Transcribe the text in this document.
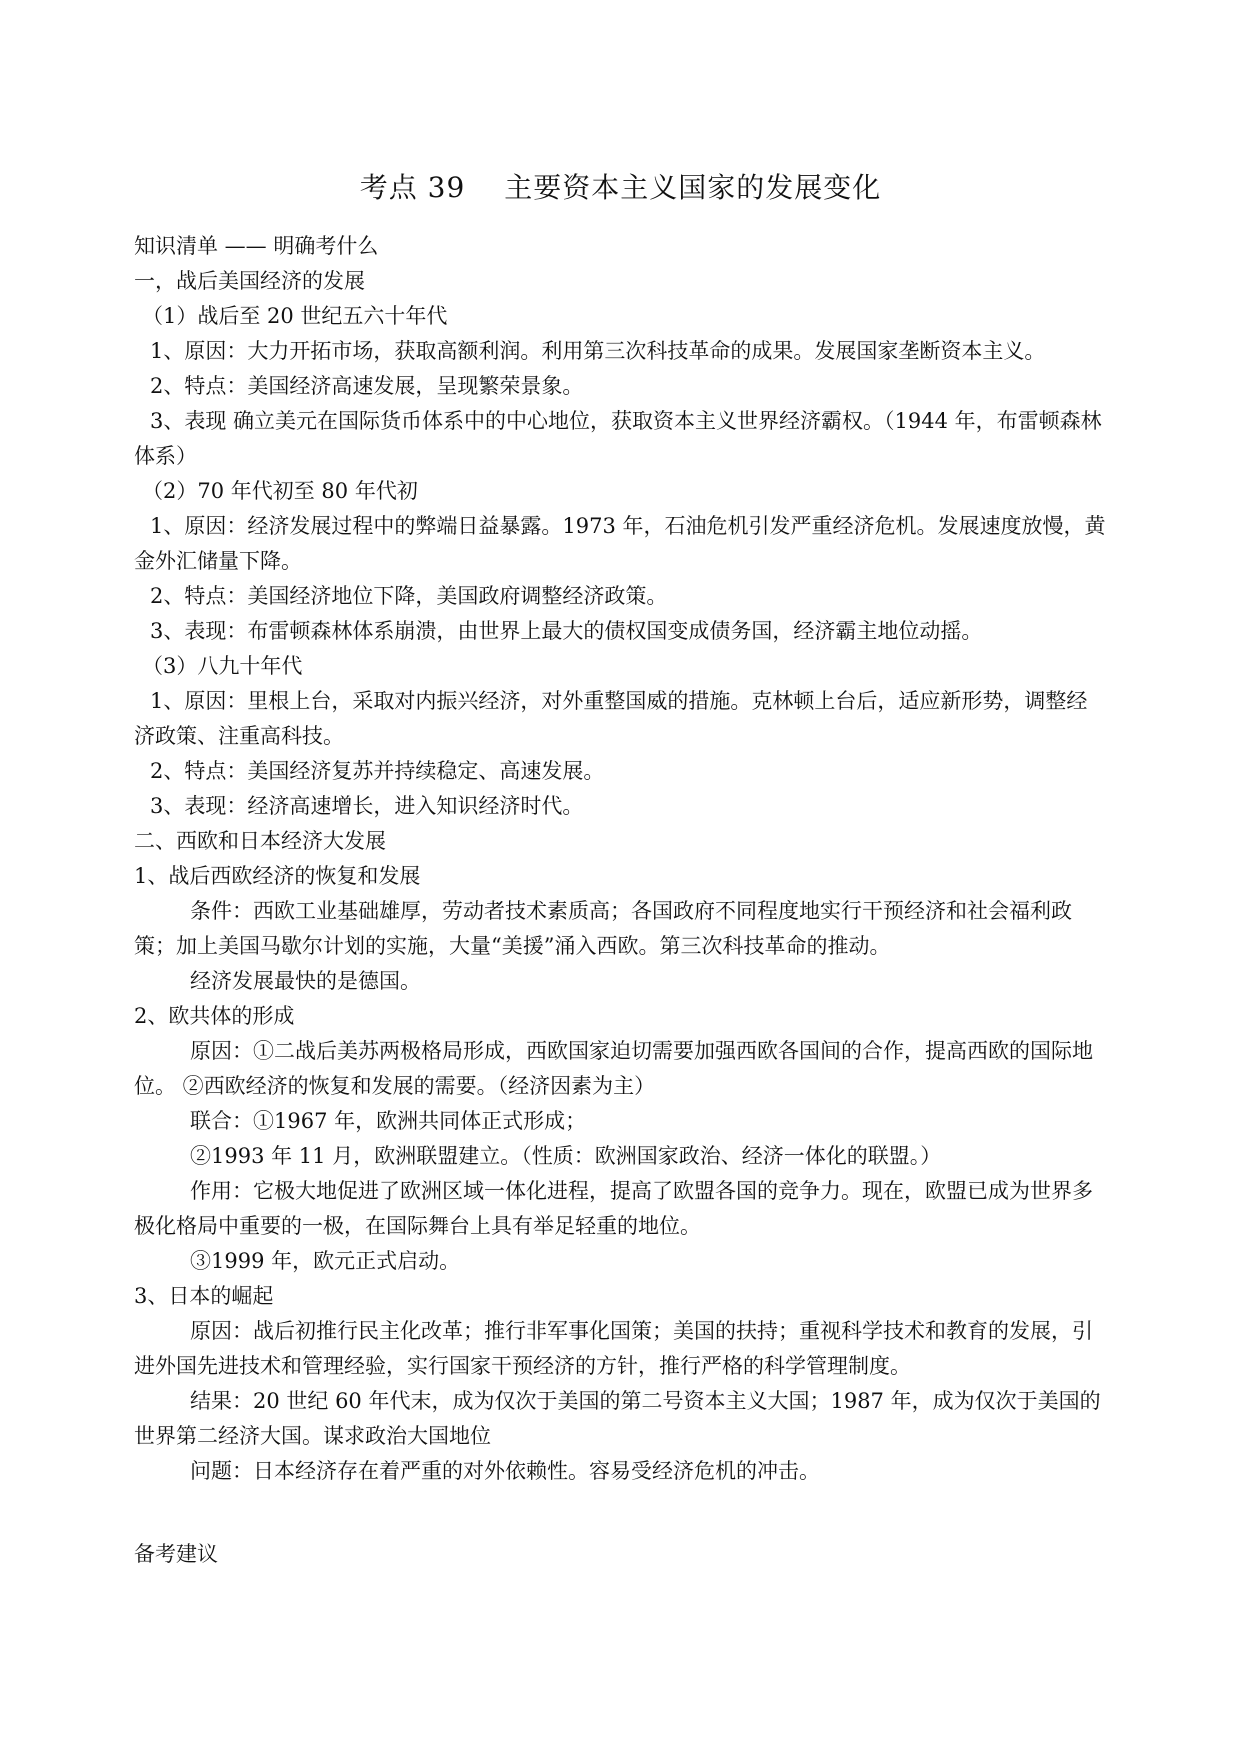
考点 39　 主要资本主义国家的发展变化

知识清单 —— 明确考什么

一，战后美国经济的发展

（1）战后至 20 世纪五六十年代

1、原因：大力开拓市场，获取高额利润。利用第三次科技革命的成果。发展国家垄断资本主义。

2、特点：美国经济高速发展，呈现繁荣景象。

3、表现 确立美元在国际货币体系中的中心地位，获取资本主义世界经济霸权。（1944 年，布雷顿森林体系）

（2）70 年代初至 80 年代初

1、原因：经济发展过程中的弊端日益暴露。1973 年，石油危机引发严重经济危机。发展速度放慢，黄金外汇储量下降。

2、特点：美国经济地位下降，美国政府调整经济政策。

3、表现：布雷顿森林体系崩溃，由世界上最大的债权国变成债务国，经济霸主地位动摇。

（3）八九十年代

1、原因：里根上台，采取对内振兴经济，对外重整国威的措施。克林顿上台后，适应新形势，调整经济政策、注重高科技。

2、特点：美国经济复苏并持续稳定、高速发展。

3、表现：经济高速增长，进入知识经济时代。

二、西欧和日本经济大发展

1、战后西欧经济的恢复和发展

条件：西欧工业基础雄厚，劳动者技术素质高；各国政府不同程度地实行干预经济和社会福利政策；加上美国马歇尔计划的实施，大量“美援”涌入西欧。第三次科技革命的推动。

经济发展最快的是德国。

2、欧共体的形成

原因：①二战后美苏两极格局形成，西欧国家迫切需要加强西欧各国间的合作，提高西欧的国际地位。 ②西欧经济的恢复和发展的需要。（经济因素为主）

联合：①1967 年，欧洲共同体正式形成；

②1993 年 11 月，欧洲联盟建立。（性质：欧洲国家政治、经济一体化的联盟。）

作用：它极大地促进了欧洲区域一体化进程，提高了欧盟各国的竞争力。现在，欧盟已成为世界多极化格局中重要的一极，在国际舞台上具有举足轻重的地位。

③1999 年，欧元正式启动。

3、日本的崛起

原因：战后初推行民主化改革；推行非军事化国策；美国的扶持；重视科学技术和教育的发展，引进外国先进技术和管理经验，实行国家干预经济的方针，推行严格的科学管理制度。

结果：20 世纪 60 年代末，成为仅次于美国的第二号资本主义大国；1987 年，成为仅次于美国的世界第二经济大国。谋求政治大国地位

问题：日本经济存在着严重的对外依赖性。容易受经济危机的冲击。

备考建议
